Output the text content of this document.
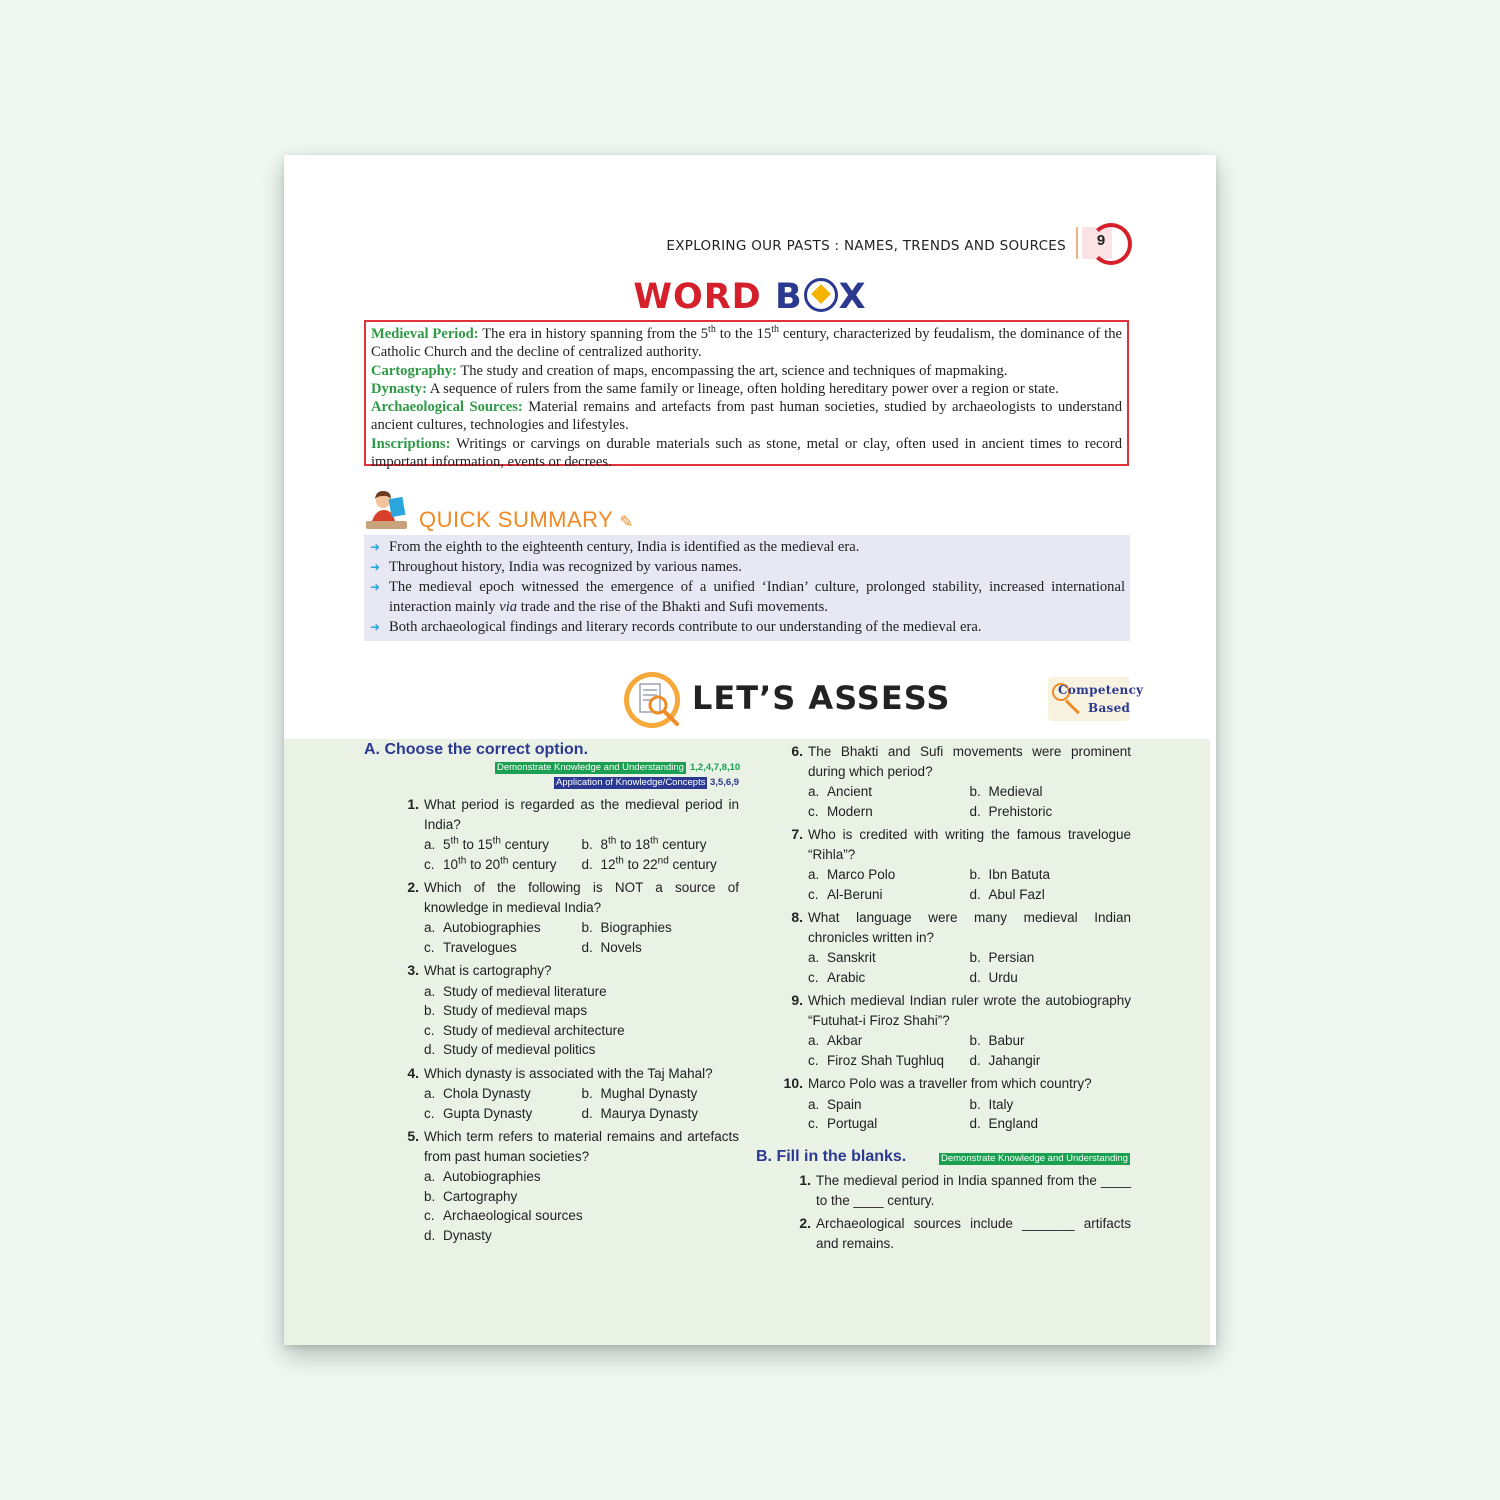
EXPLORING OUR PASTS : NAMES, TRENDS AND SOURCES	9
WORD B X

Medieval Period: The era in history spanning from the 5th to the 15th century, characterized by feudalism, the dominance of the Catholic Church and the decline of centralized authority.

Cartography: The study and creation of maps, encompassing the art, science and techniques of mapmaking.

Dynasty: A sequence of rulers from the same family or lineage, often holding hereditary power over a region or state.

Archaeological Sources: Material remains and artefacts from past human societies, studied by archaeologists to understand ancient cultures, technologies and lifestyles.

Inscriptions: Writings or carvings on durable materials such as stone, metal or clay, often used in ancient times to record important information, events or decrees.

QUICK SUMMARY ✎
➜ From the eighth to the eighteenth century, India is identified as the medieval era.
➜ Throughout history, India was recognized by various names.
➜ The medieval epoch witnessed the emergence of a unified ‘Indian’ culture, prolonged stability, increased international interaction mainly via trade and the rise of the Bhakti and Sufi movements.
➜ Both archaeological findings and literary records contribute to our understanding of the medieval era.
LET’S ASSESS	Competency
Based
A. Choose the correct option.
Demonstrate Knowledge and Understanding 1,2,4,7,8,10
Application of Knowledge/Concepts 3,5,6,9
1. What period is regarded as the medieval period in India?
a. 5th to 15th century	b. 8th to 18th century
c. 10th to 20th century	d. 12th to 22nd century
2. Which of the following is NOT a source of knowledge in medieval India?
a. Autobiographies	b. Biographies
c. Travelogues	d. Novels
3. What is cartography?
a. Study of medieval literature
b. Study of medieval maps
c. Study of medieval architecture
d. Study of medieval politics
4. Which dynasty is associated with the Taj Mahal?
a. Chola Dynasty	b. Mughal Dynasty
c. Gupta Dynasty	d. Maurya Dynasty
5. Which term refers to material remains and artefacts from past human societies?
a. Autobiographies
b. Cartography
c. Archaeological sources
d. Dynasty
6. The Bhakti and Sufi movements were prominent during which period?
a. Ancient	b. Medieval
c. Modern	d. Prehistoric
7. Who is credited with writing the famous travelogue “Rihla”?
a. Marco Polo	b. Ibn Batuta
c. Al-Beruni	d. Abul Fazl
8. What language were many medieval Indian chronicles written in?
a. Sanskrit	b. Persian
c. Arabic	d. Urdu
9. Which medieval Indian ruler wrote the autobiography “Futuhat-i Firoz Shahi”?
a. Akbar	b. Babur
c. Firoz Shah Tughluq	d. Jahangir
10. Marco Polo was a traveller from which country?
a. Spain	b. Italy
c. Portugal	d. England
B. Fill in the blanks.	Demonstrate Knowledge and Understanding
1. The medieval period in India spanned from the ____ to the ____ century.
2. Archaeological sources include _______ artifacts and remains.
